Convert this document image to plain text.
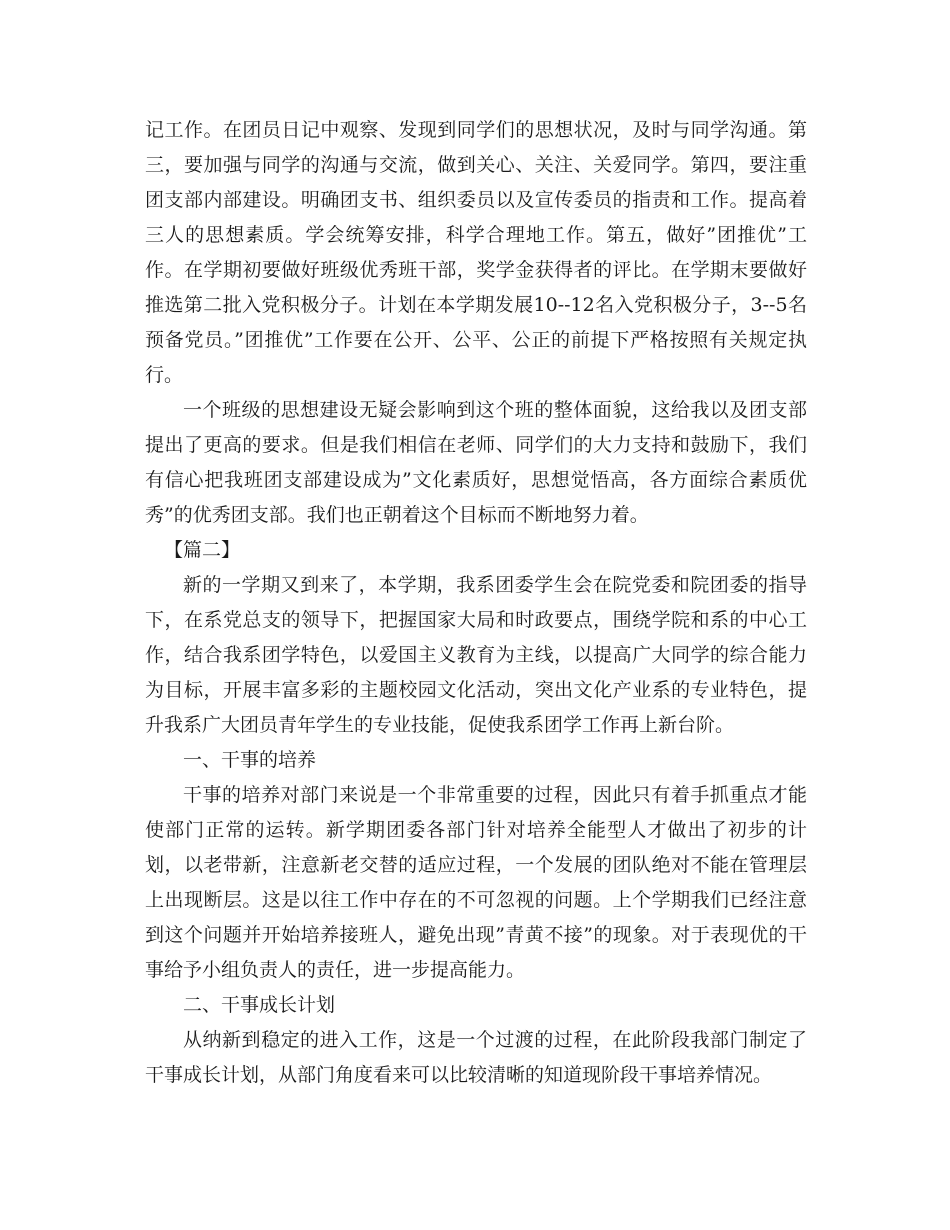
记工作。在团员日记中观察、发现到同学们的思想状况，及时与同学沟通。第三，要加强与同学的沟通与交流，做到关心、关注、关爱同学。第四，要注重团支部内部建设。明确团支书、组织委员以及宣传委员的指责和工作。提高着三人的思想素质。学会统筹安排，科学合理地工作。第五，做好”团推优”工作。在学期初要做好班级优秀班干部，奖学金获得者的评比。在学期末要做好推选第二批入党积极分子。计划在本学期发展10--12名入党积极分子，3--5名预备党员。”团推优”工作要在公开、公平、公正的前提下严格按照有关规定执行。

一个班级的思想建设无疑会影响到这个班的整体面貌，这给我以及团支部提出了更高的要求。但是我们相信在老师、同学们的大力支持和鼓励下，我们有信心把我班团支部建设成为”文化素质好，思想觉悟高，各方面综合素质优秀”的优秀团支部。我们也正朝着这个目标而不断地努力着。

【篇二】

新的一学期又到来了，本学期，我系团委学生会在院党委和院团委的指导下，在系党总支的领导下，把握国家大局和时政要点，围绕学院和系的中心工作，结合我系团学特色，以爱国主义教育为主线，以提高广大同学的综合能力为目标，开展丰富多彩的主题校园文化活动，突出文化产业系的专业特色，提升我系广大团员青年学生的专业技能，促使我系团学工作再上新台阶。

一、干事的培养

干事的培养对部门来说是一个非常重要的过程，因此只有着手抓重点才能使部门正常的运转。新学期团委各部门针对培养全能型人才做出了初步的计划，以老带新，注意新老交替的适应过程，一个发展的团队绝对不能在管理层上出现断层。这是以往工作中存在的不可忽视的问题。上个学期我们已经注意到这个问题并开始培养接班人，避免出现”青黄不接”的现象。对于表现优的干事给予小组负责人的责任，进一步提高能力。

二、干事成长计划

从纳新到稳定的进入工作，这是一个过渡的过程，在此阶段我部门制定了干事成长计划，从部门角度看来可以比较清晰的知道现阶段干事培养情况。
